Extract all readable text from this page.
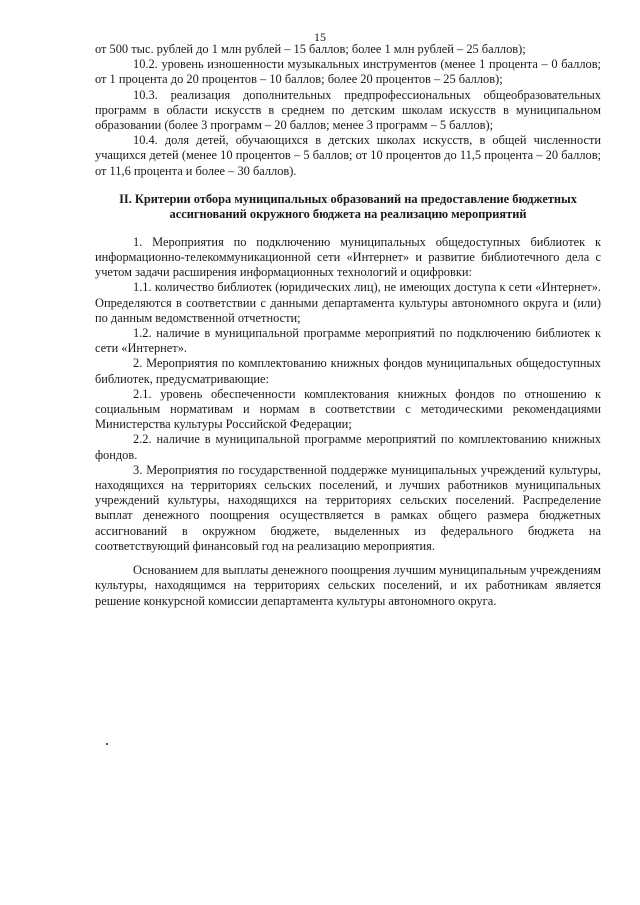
15

от 500 тыс. рублей до 1 млн рублей – 15 баллов; более 1 млн рублей – 25 баллов);

10.2. уровень изношенности музыкальных инструментов (менее 1 процента – 0 баллов; от 1 процента до 20 процентов – 10 баллов; более 20 процентов – 25 баллов);

10.3. реализация дополнительных предпрофессиональных общеобразовательных программ в области искусств в среднем по детским школам искусств в муниципальном образовании (более 3 программ – 20 баллов; менее 3 программ – 5 баллов);

10.4. доля детей, обучающихся в детских школах искусств, в общей численности учащихся детей (менее 10 процентов – 5 баллов; от 10 процентов до 11,5 процента – 20 баллов; от 11,6 процента и более – 30 баллов).

II. Критерии отбора муниципальных образований на предоставление бюджетных ассигнований окружного бюджета на реализацию мероприятий

1. Мероприятия по подключению муниципальных общедоступных библиотек к информационно-телекоммуникационной сети «Интернет» и развитие библиотечного дела с учетом задачи расширения информационных технологий и оцифровки:

1.1. количество библиотек (юридических лиц), не имеющих доступа к сети «Интернет». Определяются в соответствии с данными департамента культуры автономного округа и (или) по данным ведомственной отчетности;

1.2. наличие в муниципальной программе мероприятий по подключению библиотек к сети «Интернет».

2. Мероприятия по комплектованию книжных фондов муниципальных общедоступных библиотек, предусматривающие:

2.1. уровень обеспеченности комплектования книжных фондов по отношению к социальным нормативам и нормам в соответствии с методическими рекомендациями Министерства культуры Российской Федерации;

2.2. наличие в муниципальной программе мероприятий по комплектованию книжных фондов.

3. Мероприятия по государственной поддержке муниципальных учреждений культуры, находящихся на территориях сельских поселений, и лучших работников муниципальных учреждений культуры, находящихся на территориях сельских поселений. Распределение выплат денежного поощрения осуществляется в рамках общего размера бюджетных ассигнований в окружном бюджете, выделенных из федерального бюджета на соответствующий финансовый год на реализацию мероприятия.

Основанием для выплаты денежного поощрения лучшим муниципальным учреждениям культуры, находящимся на территориях сельских поселений, и их работникам является решение конкурсной комиссии департамента культуры автономного округа.
